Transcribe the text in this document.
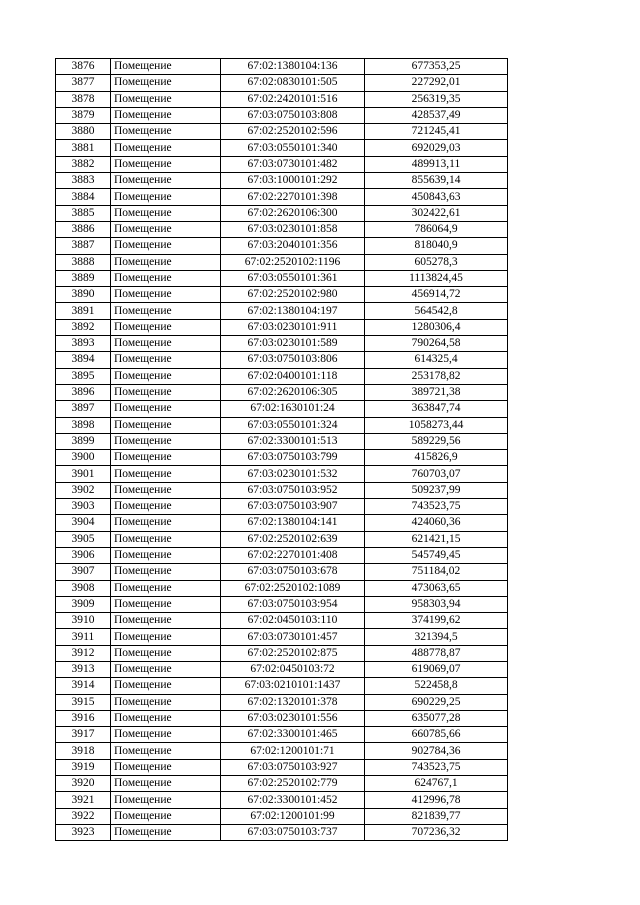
3876	Помещение	67:02:1380104:136	677353,25
3877	Помещение	67:02:0830101:505	227292,01
3878	Помещение	67:02:2420101:516	256319,35
3879	Помещение	67:03:0750103:808	428537,49
3880	Помещение	67:02:2520102:596	721245,41
3881	Помещение	67:03:0550101:340	692029,03
3882	Помещение	67:03:0730101:482	489913,11
3883	Помещение	67:03:1000101:292	855639,14
3884	Помещение	67:02:2270101:398	450843,63
3885	Помещение	67:02:2620106:300	302422,61
3886	Помещение	67:03:0230101:858	786064,9
3887	Помещение	67:03:2040101:356	818040,9
3888	Помещение	67:02:2520102:1196	605278,3
3889	Помещение	67:03:0550101:361	1113824,45
3890	Помещение	67:02:2520102:980	456914,72
3891	Помещение	67:02:1380104:197	564542,8
3892	Помещение	67:03:0230101:911	1280306,4
3893	Помещение	67:03:0230101:589	790264,58
3894	Помещение	67:03:0750103:806	614325,4
3895	Помещение	67:02:0400101:118	253178,82
3896	Помещение	67:02:2620106:305	389721,38
3897	Помещение	67:02:1630101:24	363847,74
3898	Помещение	67:03:0550101:324	1058273,44
3899	Помещение	67:02:3300101:513	589229,56
3900	Помещение	67:03:0750103:799	415826,9
3901	Помещение	67:03:0230101:532	760703,07
3902	Помещение	67:03:0750103:952	509237,99
3903	Помещение	67:03:0750103:907	743523,75
3904	Помещение	67:02:1380104:141	424060,36
3905	Помещение	67:02:2520102:639	621421,15
3906	Помещение	67:02:2270101:408	545749,45
3907	Помещение	67:03:0750103:678	751184,02
3908	Помещение	67:02:2520102:1089	473063,65
3909	Помещение	67:03:0750103:954	958303,94
3910	Помещение	67:02:0450103:110	374199,62
3911	Помещение	67:03:0730101:457	321394,5
3912	Помещение	67:02:2520102:875	488778,87
3913	Помещение	67:02:0450103:72	619069,07
3914	Помещение	67:03:0210101:1437	522458,8
3915	Помещение	67:02:1320101:378	690229,25
3916	Помещение	67:03:0230101:556	635077,28
3917	Помещение	67:02:3300101:465	660785,66
3918	Помещение	67:02:1200101:71	902784,36
3919	Помещение	67:03:0750103:927	743523,75
3920	Помещение	67:02:2520102:779	624767,1
3921	Помещение	67:02:3300101:452	412996,78
3922	Помещение	67:02:1200101:99	821839,77
3923	Помещение	67:03:0750103:737	707236,32
